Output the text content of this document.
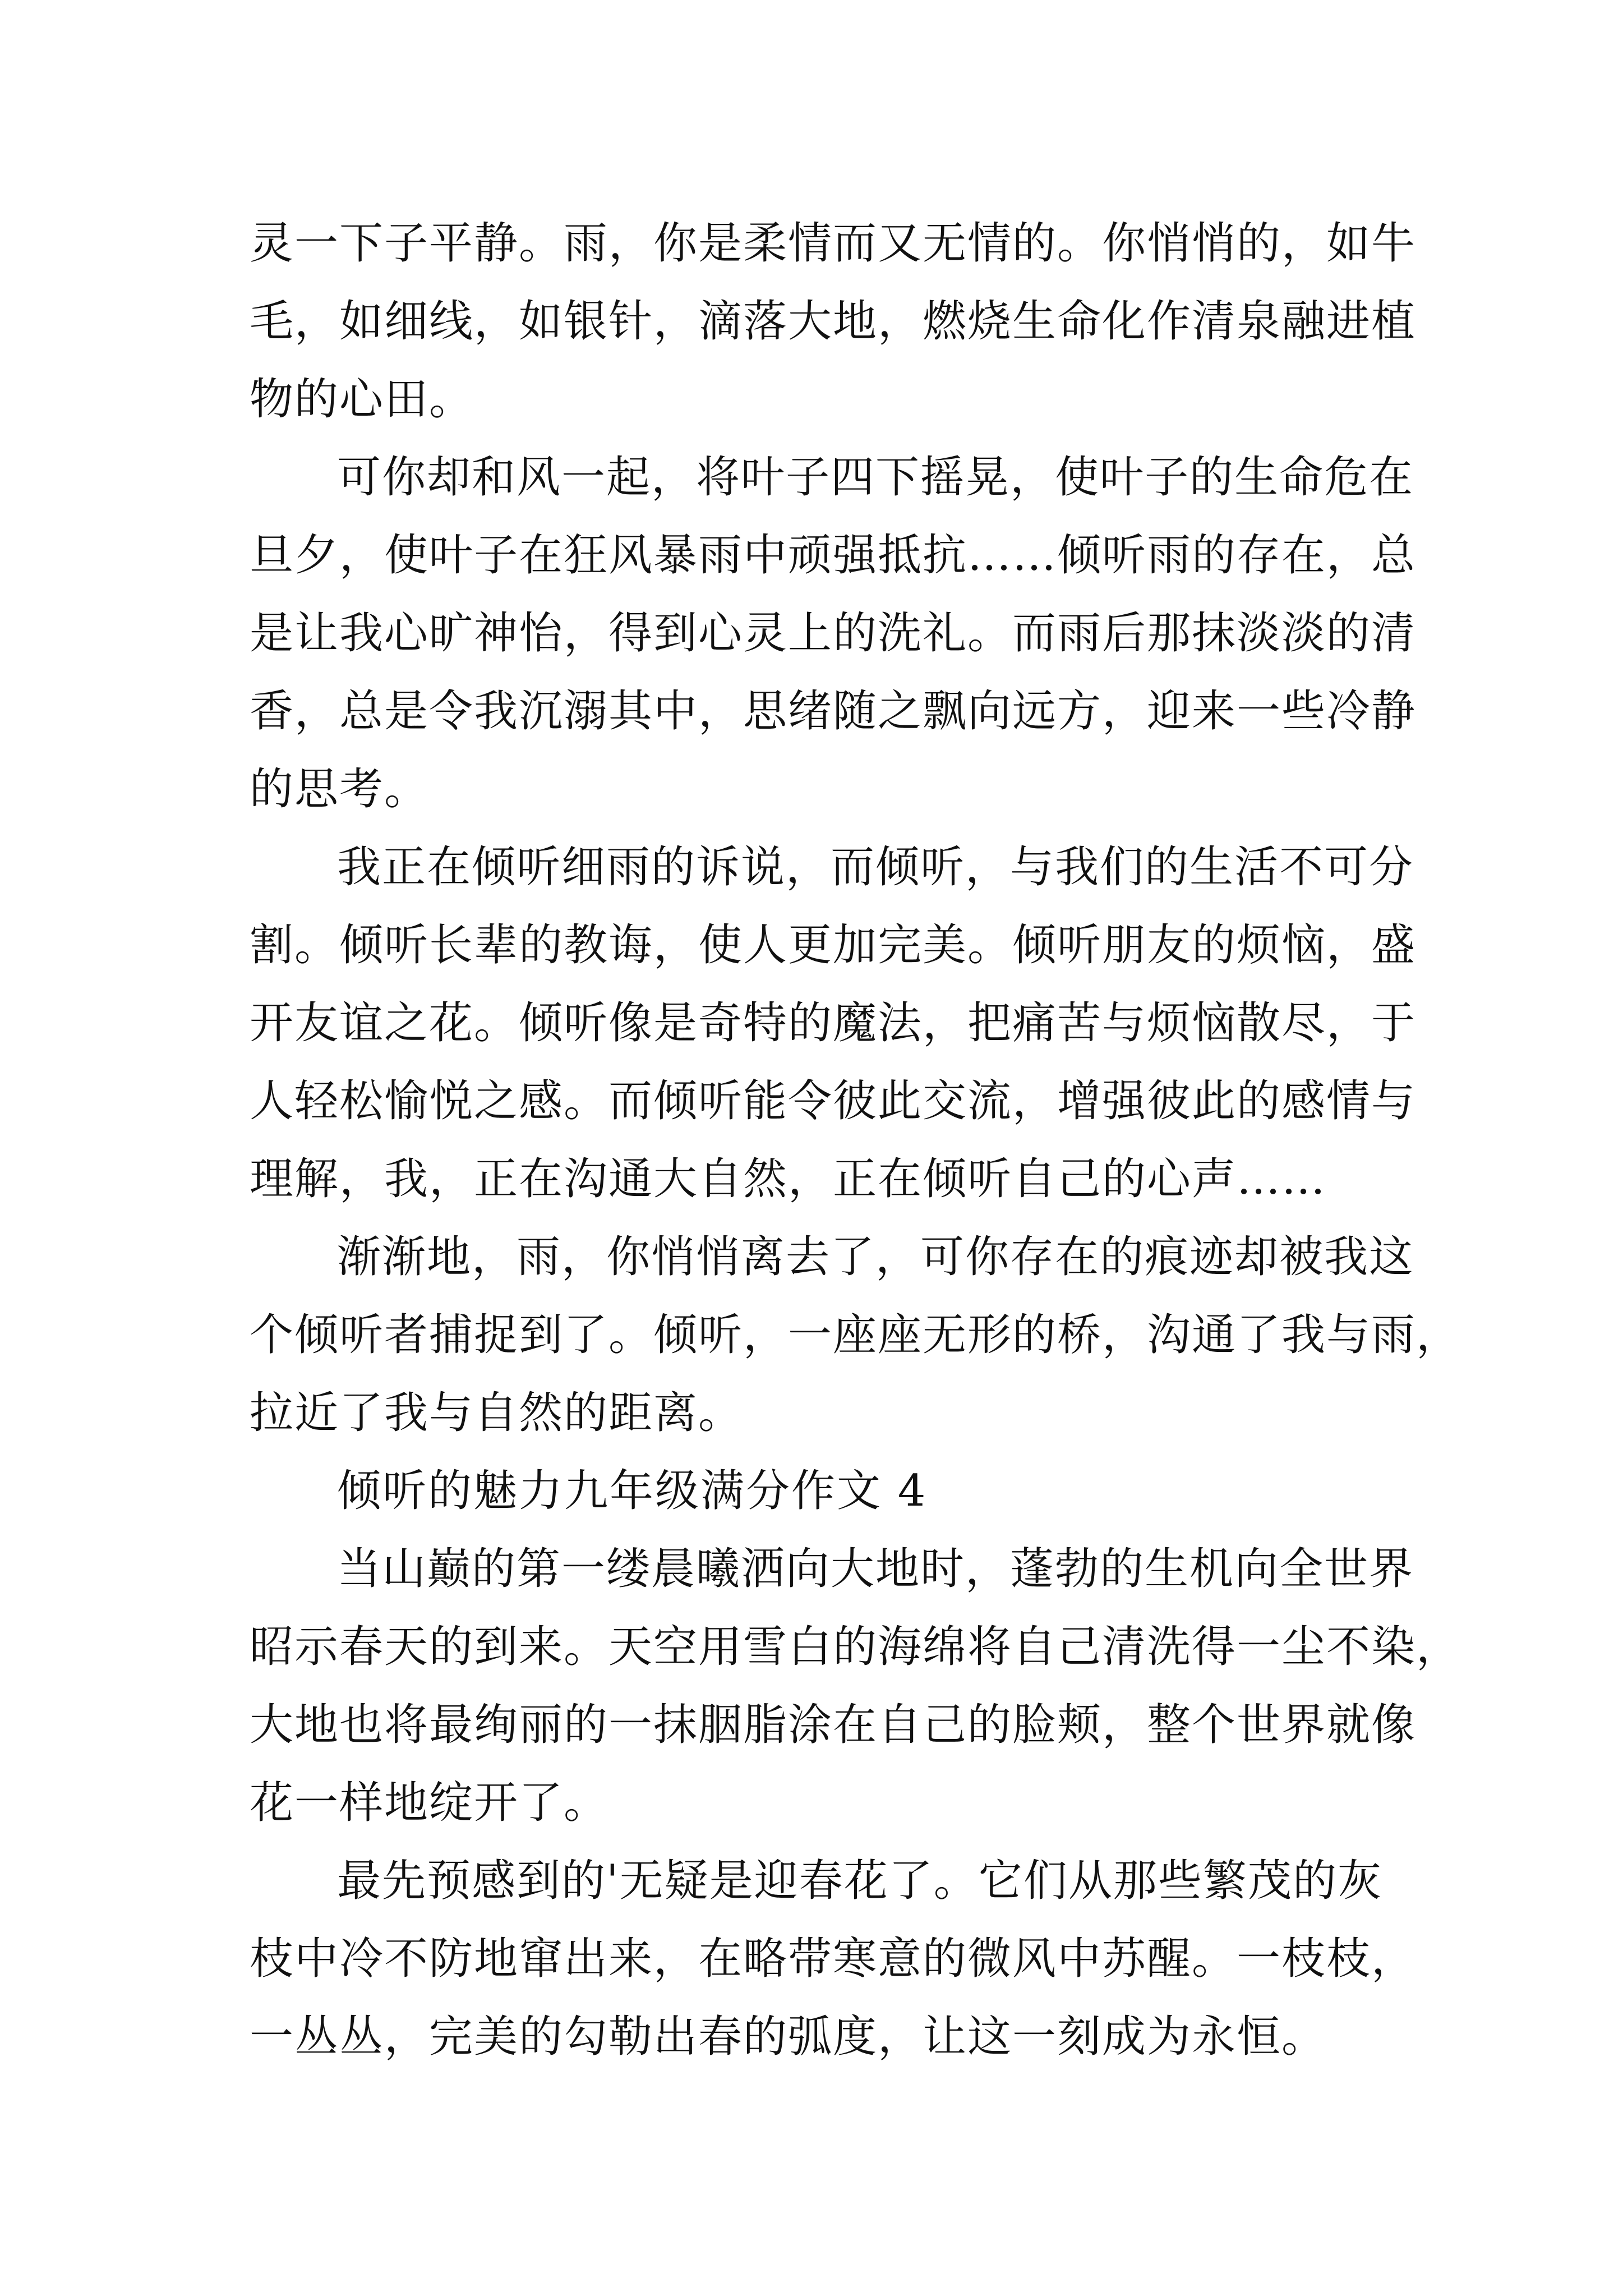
灵一下子平静。雨，你是柔情而又无情的。你悄悄的，如牛
毛，如细线，如银针，滴落大地，燃烧生命化作清泉融进植
物的心田。
可你却和风一起，将叶子四下摇晃，使叶子的生命危在
旦夕，使叶子在狂风暴雨中顽强抵抗……倾听雨的存在，总
是让我心旷神怡，得到心灵上的洗礼。而雨后那抹淡淡的清
香，总是令我沉溺其中，思绪随之飘向远方，迎来一些冷静
的思考。
我正在倾听细雨的诉说，而倾听，与我们的生活不可分
割。倾听长辈的教诲，使人更加完美。倾听朋友的烦恼，盛
开友谊之花。倾听像是奇特的魔法，把痛苦与烦恼散尽，于
人轻松愉悦之感。而倾听能令彼此交流，增强彼此的感情与
理解，我，正在沟通大自然，正在倾听自己的心声……
渐渐地，雨，你悄悄离去了，可你存在的痕迹却被我这
个倾听者捕捉到了。倾听，一座座无形的桥，沟通了我与雨，
拉近了我与自然的距离。
倾听的魅力九年级满分作文 4
当山巅的第一缕晨曦洒向大地时，蓬勃的生机向全世界
昭示春天的到来。天空用雪白的海绵将自己清洗得一尘不染，
大地也将最绚丽的一抹胭脂涂在自己的脸颊，整个世界就像
花一样地绽开了。
最先预感到的'无疑是迎春花了。它们从那些繁茂的灰
枝中冷不防地窜出来，在略带寒意的微风中苏醒。一枝枝，
一丛丛，完美的勾勒出春的弧度，让这一刻成为永恒。
